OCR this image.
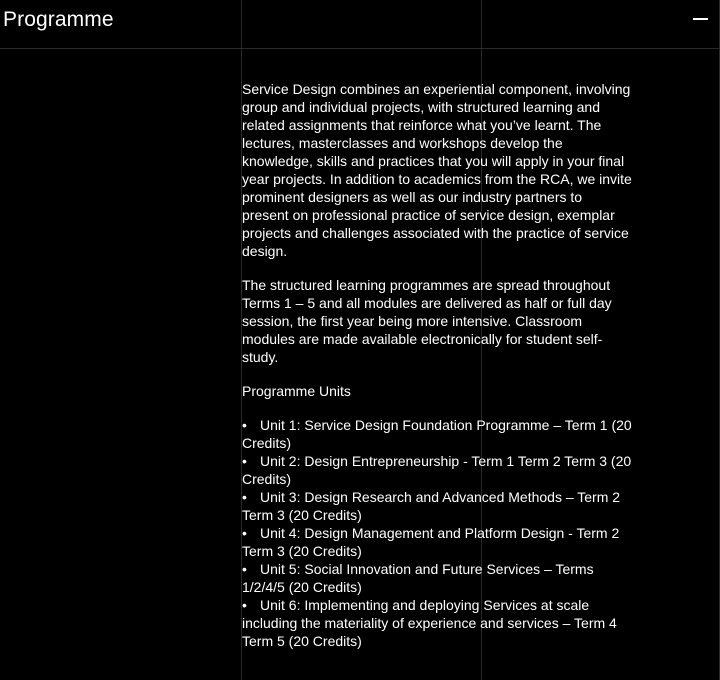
Programme

Service Design combines an experiential component, involving group and individual projects, with structured learning and related assignments that reinforce what you’ve learnt. The lectures, masterclasses and workshops develop the knowledge, skills and practices that you will apply in your final year projects. In addition to academics from the RCA, we invite prominent designers as well as our industry partners to present on professional practice of service design, exemplar projects and challenges associated with the practice of service design.

The structured learning programmes are spread throughout Terms 1 – 5 and all modules are delivered as half or full day session, the first year being more intensive. Classroom modules are made available electronically for student self-study.

Programme Units

• Unit 1: Service Design Foundation Programme – Term 1 (20 Credits)
• Unit 2: Design Entrepreneurship - Term 1 Term 2 Term 3 (20 Credits)
• Unit 3: Design Research and Advanced Methods – Term 2 Term 3 (20 Credits)
• Unit 4: Design Management and Platform Design - Term 2 Term 3 (20 Credits)
• Unit 5: Social Innovation and Future Services – Terms 1/2/4/5 (20 Credits)
• Unit 6: Implementing and deploying Services at scale including the materiality of experience and services – Term 4 Term 5 (20 Credits)
